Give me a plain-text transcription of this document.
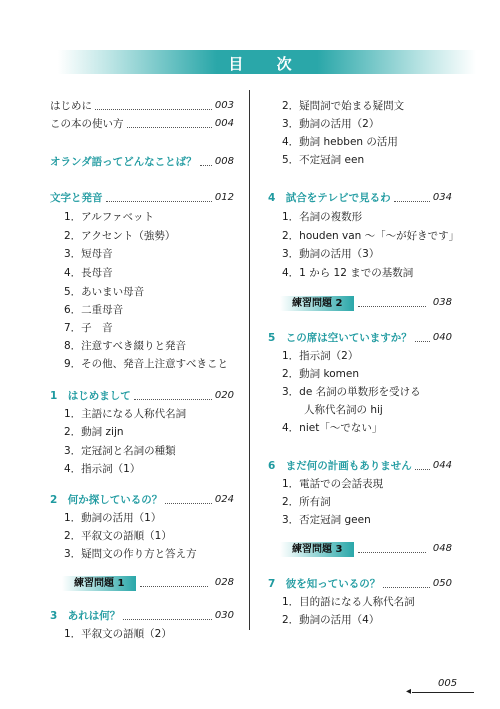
目 次
はじめに	003
この本の使い方	004
オランダ語ってどんなことば？ 008
文字と発音	012
1．アルファベット
2．アクセント（強勢）
3．短母音
4．長母音
5．あいまい母音
6．二重母音
7．子　音
8．注意すべき綴りと発音
9．その他、発音上注意すべきこと
1　はじめまして	020
1．主語になる人称代名詞
2．動詞 zijn
3．定冠詞と名詞の種類
4．指示詞（1）
2　何か探しているの？	024
1．動詞の活用（1）
2．平叙文の語順（1）
3．疑問文の作り方と答え方
練習問題 1	028
3　あれは何？	030
1．平叙文の語順（2）
2．疑問詞で始まる疑問文
3．動詞の活用（2）
4．動詞 hebben の活用
5．不定冠詞 een
4　試合をテレビで見るわ	034
1．名詞の複数形
2．houden van ～「～が好きです」
3．動詞の活用（3）
4．1 から 12 までの基数詞
練習問題 2	038
5　この席は空いていますか？ 040
1．指示詞（2）
2．動詞 komen
3．de 名詞の単数形を受ける
人称代名詞の hij
4．niet「～でない」
6　まだ何の計画もありません 044
1．電話での会話表現
2．所有詞
3．否定冠詞 geen
練習問題 3	048
7　彼を知っているの？	050
1．目的語になる人称代名詞
2．動詞の活用（4）
◂
005
